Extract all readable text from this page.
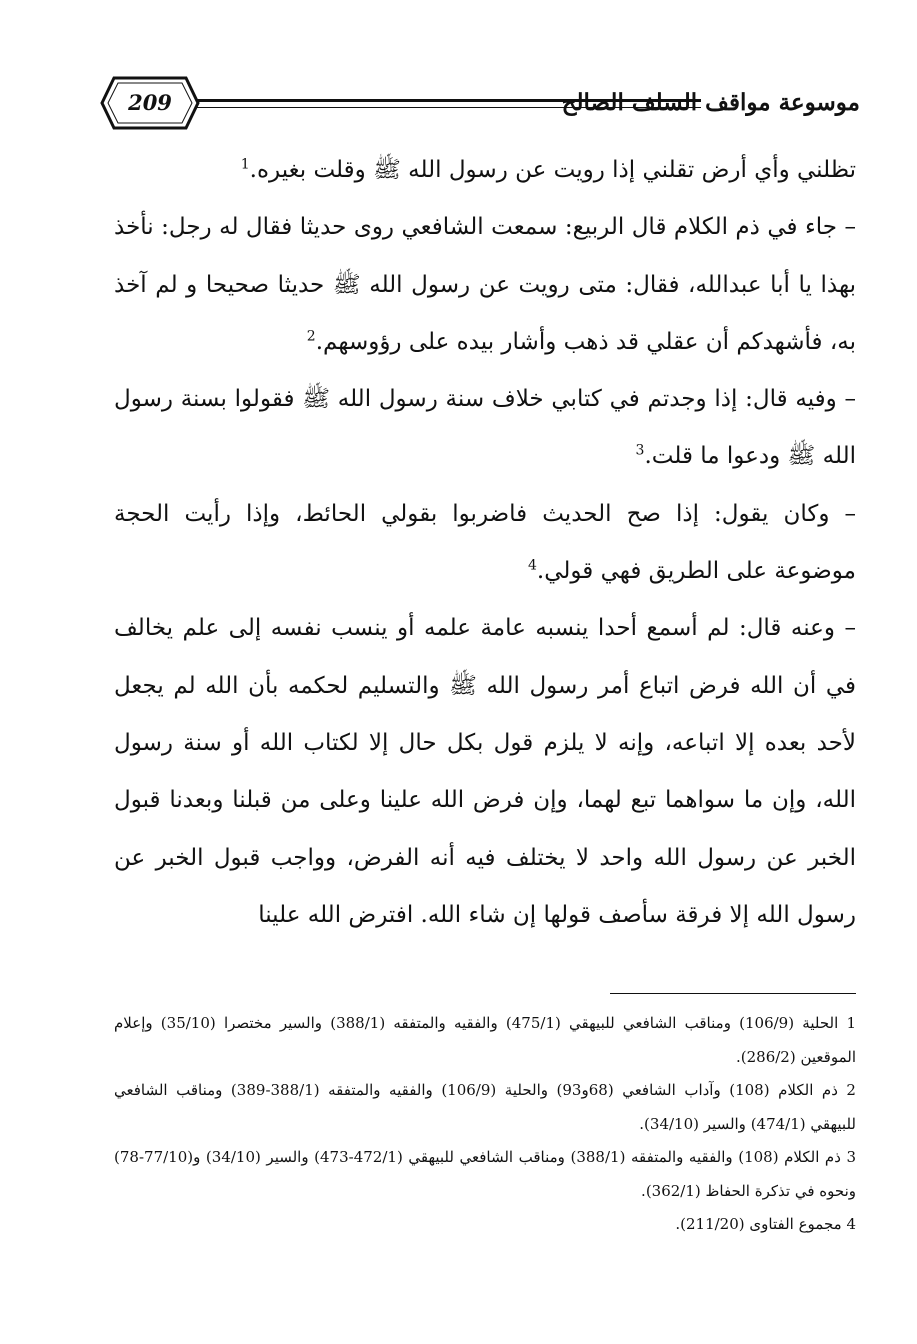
209	موسوعة مواقف السلف الصالح

تظلني وأي أرض تقلني إذا رويت عن رسول الله ﷺ وقلت بغيره.$^1$

– جاء في ذم الكلام قال الربيع: سمعت الشافعي روى حديثا فقال له رجل: نأخذ بهذا يا أبا عبدالله، فقال: متى رويت عن رسول الله ﷺ حديثا صحيحا و لم آخذ به، فأشهدكم أن عقلي قد ذهب وأشار بيده على رؤوسهم.$^2$

– وفيه قال: إذا وجدتم في كتابي خلاف سنة رسول الله ﷺ فقولوا بسنة رسول الله ﷺ ودعوا ما قلت.$^3$

– وكان يقول: إذا صح الحديث فاضربوا بقولي الحائط، وإذا رأيت الحجة موضوعة على الطريق فهي قولي.$^4$

– وعنه قال: لم أسمع أحدا ينسبه عامة علمه أو ينسب نفسه إلى علم يخالف في أن الله فرض اتباع أمر رسول الله ﷺ والتسليم لحكمه بأن الله لم يجعل لأحد بعده إلا اتباعه، وإنه لا يلزم قول بكل حال إلا لكتاب الله أو سنة رسول الله، وإن ما سواهما تبع لهما، وإن فرض الله علينا وعلى من قبلنا وبعدنا قبول الخبر عن رسول الله واحد لا يختلف فيه أنه الفرض، وواجب قبول الخبر عن رسول الله إلا فرقة سأصف قولها إن شاء الله. افترض الله علينا

1 الحلية (106/9) ومناقب الشافعي للبيهقي (475/1) والفقيه والمتفقه (388/1) والسير مختصرا (35/10) وإعلام الموقعين (286/2).

2 ذم الكلام (108) وآداب الشافعي (68و93) والحلية (106/9) والفقيه والمتفقه (388/1-389) ومناقب الشافعي للبيهقي (474/1) والسير (34/10).

3 ذم الكلام (108) والفقيه والمتفقه (388/1) ومناقب الشافعي للبيهقي (472/1-473) والسير (34/10) و(77/10-78) ونحوه في تذكرة الحفاظ (362/1).

4 مجموع الفتاوى (211/20).
